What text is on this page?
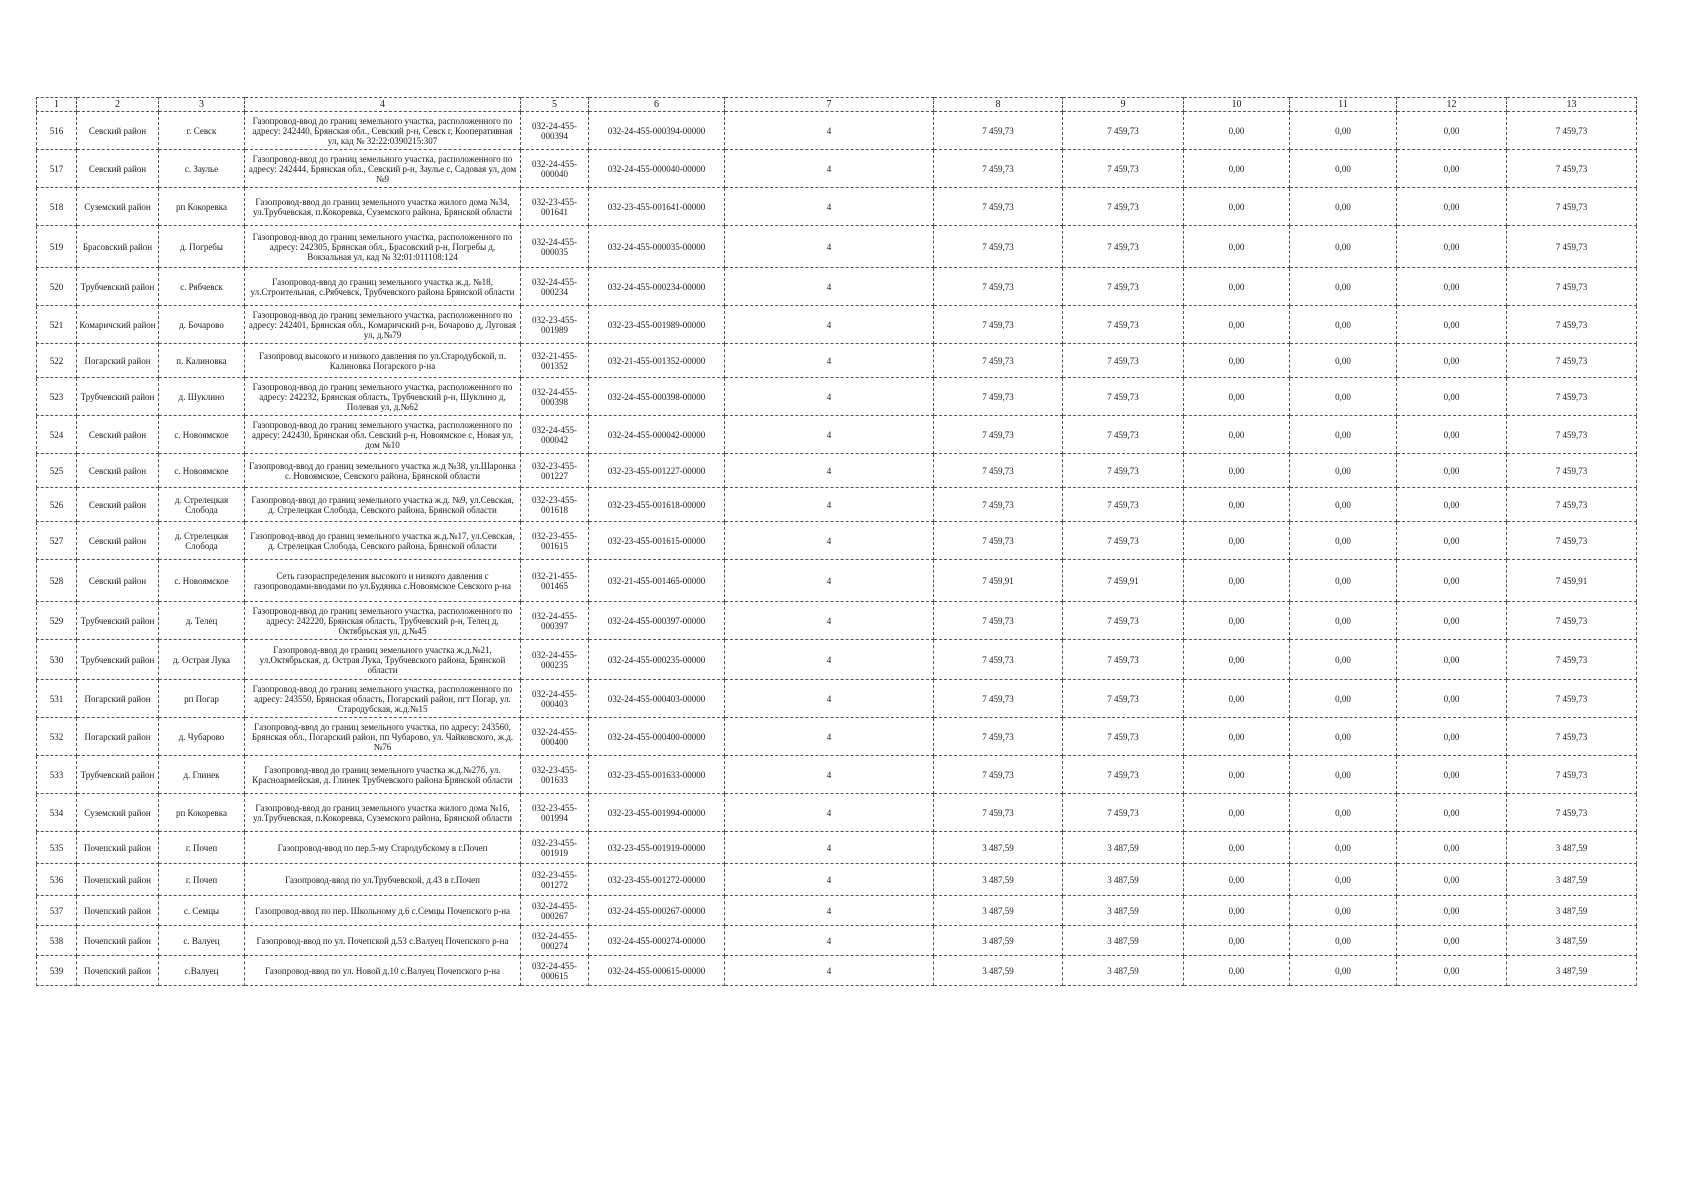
1	2	3	4	5	6	7	8	9	10	11	12	13
516	Севский район	г. Севск	Газопровод-ввод до границ земельного участка, расположенного по адресу: 242440, Брянская обл., Севский р-н, Севск г, Кооперативная ул, кад № 32:22:0390215:307	032-24-455-000394	032-24-455-000394-00000	4	7 459,73	7 459,73	0,00	0,00	0,00	7 459,73
517	Севский район	с. Заулье	Газопровод-ввод до границ земельного участка, расположенного по адресу: 242444, Брянская обл., Севский р-н, Заулье с, Садовая ул, дом №9	032-24-455-000040	032-24-455-000040-00000	4	7 459,73	7 459,73	0,00	0,00	0,00	7 459,73
518	Суземский район	рп Кокоревка	Газопровод-ввод до границ земельного участка жилого дома №34, ул.Трубчевская, п.Кокоревка, Суземского района, Брянской области	032-23-455-001641	032-23-455-001641-00000	4	7 459,73	7 459,73	0,00	0,00	0,00	7 459,73
519	Брасовский район	д. Погребы	Газопровод-ввод до границ земельного участка, расположенного по адресу: 242305, Брянская обл., Брасовский р-н, Погребы д, Вокзальная ул, кад № 32:01:011108:124	032-24-455-000035	032-24-455-000035-00000	4	7 459,73	7 459,73	0,00	0,00	0,00	7 459,73
520	Трубчевский район	с. Рябчевск	Газопровод-ввод до границ земельного участка ж.д. №18, ул.Строительная, с.Рябчевск, Трубчевского района Брянской области	032-24-455-000234	032-24-455-000234-00000	4	7 459,73	7 459,73	0,00	0,00	0,00	7 459,73
521	Комаричский район	д. Бочарово	Газопровод-ввод до границ земельного участка, расположенного по адресу: 242401, Брянская обл., Комаричский р-н, Бочарово д, Луговая ул, д.№79	032-23-455-001989	032-23-455-001989-00000	4	7 459,73	7 459,73	0,00	0,00	0,00	7 459,73
522	Погарский район	п. Калиновка	Газопровод высокого и низкого давления по ул.Стародубской, п. Калиновка Погарского р-на	032-21-455-001352	032-21-455-001352-00000	4	7 459,73	7 459,73	0,00	0,00	0,00	7 459,73
523	Трубчевский район	д. Шуклино	Газопровод-ввод до границ земельного участка, расположенного по адресу: 242232, Брянская область, Трубчевский р-н, Шуклино д, Полевая ул, д.№62	032-24-455-000398	032-24-455-000398-00000	4	7 459,73	7 459,73	0,00	0,00	0,00	7 459,73
524	Севский район	с. Новоямское	Газопровод-ввод до границ земельного участка, расположенного по адресу: 242430, Брянская обл. Севский р-н, Новоямское с, Новая ул, дом №10	032-24-455-000042	032-24-455-000042-00000	4	7 459,73	7 459,73	0,00	0,00	0,00	7 459,73
525	Севский район	с. Новоямское	Газопровод-ввод до границ земельного участка ж.д №38, ул.Шаронка с. Новоямское, Севского района, Брянской области	032-23-455-001227	032-23-455-001227-00000	4	7 459,73	7 459,73	0,00	0,00	0,00	7 459,73
526	Севский район	д. Стрелецкая Слобода	Газопровод-ввод до границ земельного участка ж.д. №9, ул.Севская, д. Стрелецкая Слобода, Севского района, Брянской области	032-23-455-001618	032-23-455-001618-00000	4	7 459,73	7 459,73	0,00	0,00	0,00	7 459,73
527	Севский район	д. Стрелецкая Слобода	Газопровод-ввод до границ земельного участка ж.д.№17, ул.Севская, д. Стрелецкая Слобода, Севского района, Брянской области	032-23-455-001615	032-23-455-001615-00000	4	7 459,73	7 459,73	0,00	0,00	0,00	7 459,73
528	Севский район	с. Новоямское	Сеть газораспределения высокого и низкого давления с газопроводами-вводами по ул.Будянка с.Новоямское Севского р-на	032-21-455-001465	032-21-455-001465-00000	4	7 459,91	7 459,91	0,00	0,00	0,00	7 459,91
529	Трубчевский район	д. Телец	Газопровод-ввод до границ земельного участка, расположенного по адресу: 242220, Брянская область, Трубчевский р-н, Телец д, Октябрьская ул, д.№45	032-24-455-000397	032-24-455-000397-00000	4	7 459,73	7 459,73	0,00	0,00	0,00	7 459,73
530	Трубчевский район	д. Острая Лука	Газопровод-ввод до границ земельного участка ж.д.№21, ул.Октябрьская, д. Острая Лука, Трубчевского района, Брянской области	032-24-455-000235	032-24-455-000235-00000	4	7 459,73	7 459,73	0,00	0,00	0,00	7 459,73
531	Погарский район	рп Погар	Газопровод-ввод до границ земельного участка, расположенного по адресу: 243550, Брянская область, Погарский район, пгт Погар, ул. Стародубская, ж.д.№15	032-24-455-000403	032-24-455-000403-00000	4	7 459,73	7 459,73	0,00	0,00	0,00	7 459,73
532	Погарский район	д. Чубарово	Газопровод-ввод до границ земельного участка, по адресу: 243560, Брянская обл., Погарский район, пп Чубарово, ул. Чайковского, ж.д.№76	032-24-455-000400	032-24-455-000400-00000	4	7 459,73	7 459,73	0,00	0,00	0,00	7 459,73
533	Трубчевский район	д. Глинек	Газопровод-ввод до границ земельного участка ж.д.№27б, ул. Красноармейская, д. Глинек Трубчевского района Брянской области	032-23-455-001633	032-23-455-001633-00000	4	7 459,73	7 459,73	0,00	0,00	0,00	7 459,73
534	Суземский район	рп Кокоревка	Газопровод-ввод до границ земельного участка жилого дома №16, ул.Трубчевская, п.Кокоревка, Суземского района, Брянской области	032-23-455-001994	032-23-455-001994-00000	4	7 459,73	7 459,73	0,00	0,00	0,00	7 459,73
535	Почепский район	г. Почеп	Газопровод-ввод по пер.5-му Стародубскому в г.Почеп	032-23-455-001919	032-23-455-001919-00000	4	3 487,59	3 487,59	0,00	0,00	0,00	3 487,59
536	Почепский район	г. Почеп	Газопровод-ввод по ул.Трубчевской, д.43 в г.Почеп	032-23-455-001272	032-23-455-001272-00000	4	3 487,59	3 487,59	0,00	0,00	0,00	3 487,59
537	Почепский район	с. Семцы	Газопровод-ввод по пер. Школьному д.6 с.Семцы Почепского р-на	032-24-455-000267	032-24-455-000267-00000	4	3 487,59	3 487,59	0,00	0,00	0,00	3 487,59
538	Почепский район	с. Валуец	Газопровод-ввод по ул. Почепской д.53 с.Валуец Почепского р-на	032-24-455-000274	032-24-455-000274-00000	4	3 487,59	3 487,59	0,00	0,00	0,00	3 487,59
539	Почепский район	с.Валуец	Газопровод-ввод по ул. Новой д.10 с.Валуец Почепского р-на	032-24-455-000615	032-24-455-000615-00000	4	3 487,59	3 487,59	0,00	0,00	0,00	3 487,59
